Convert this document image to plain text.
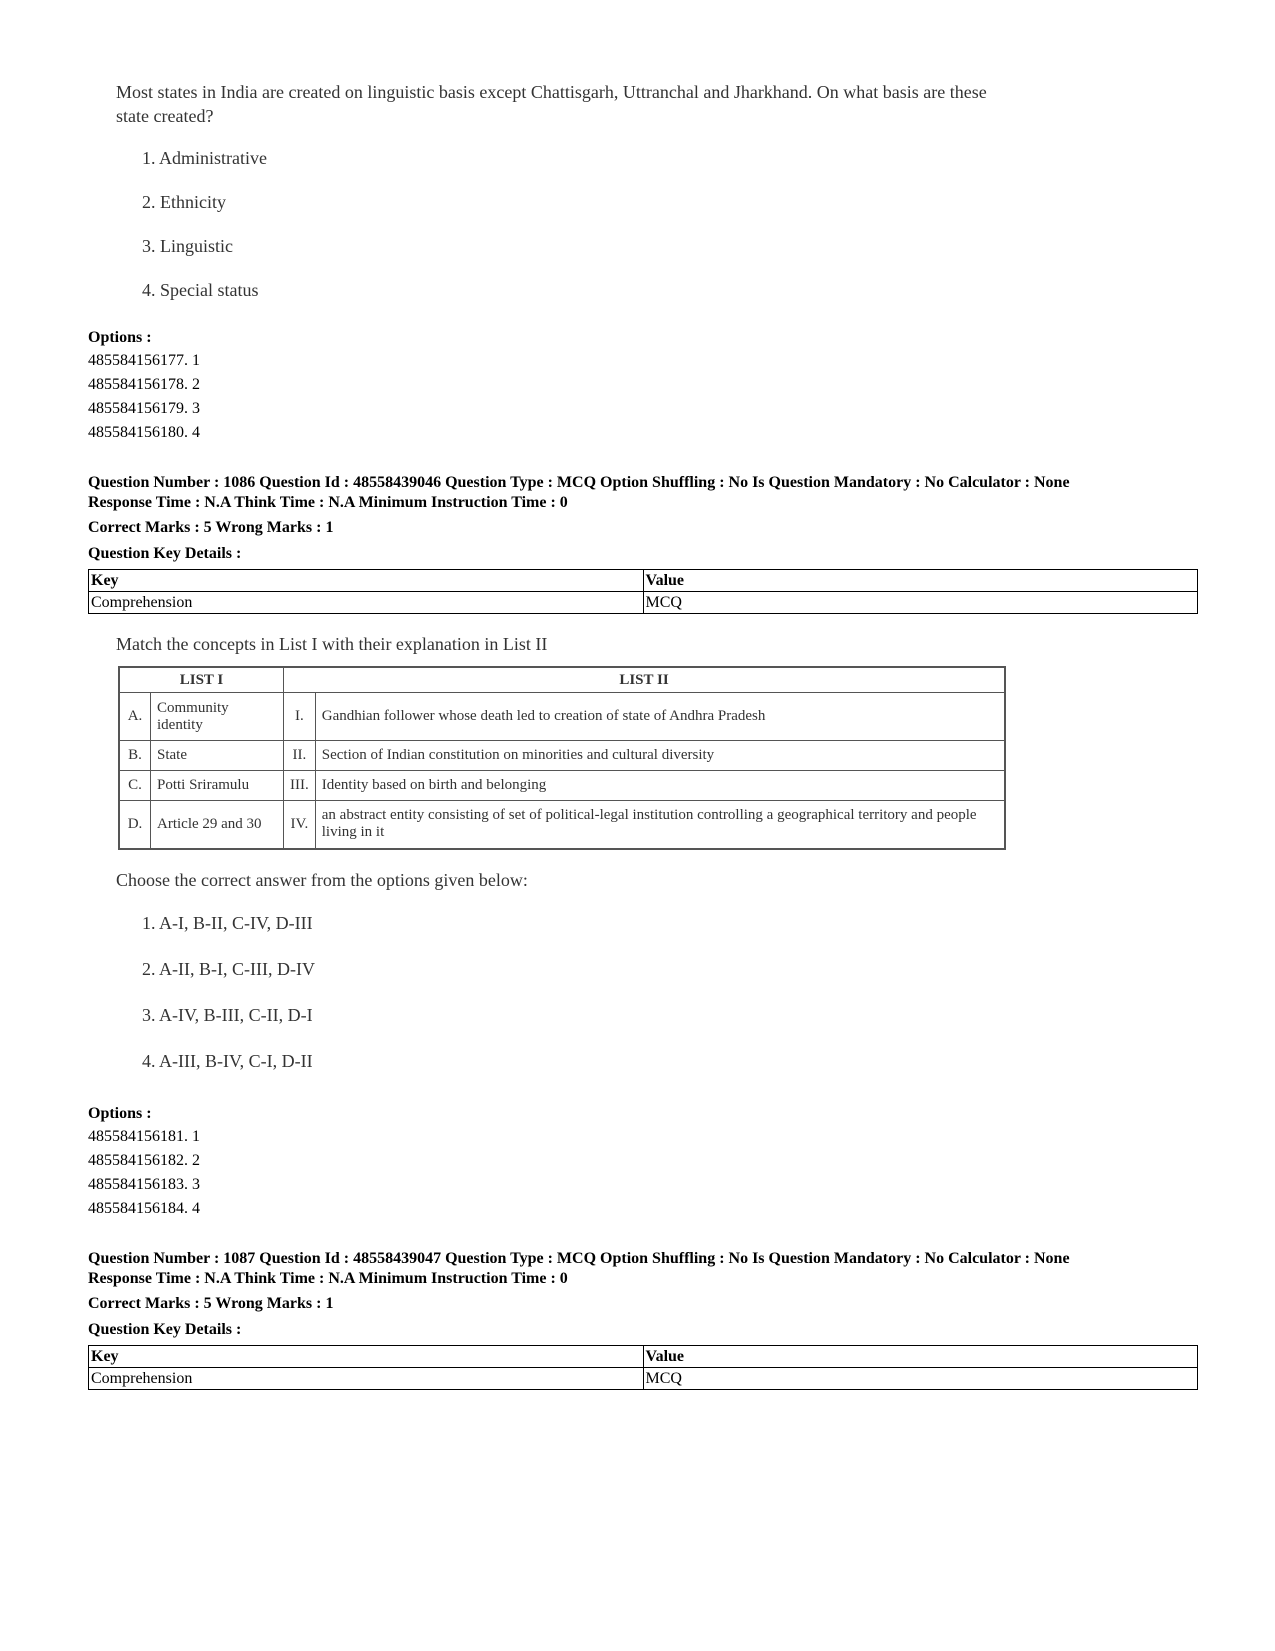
Most states in India are created on linguistic basis except Chattisgarh, Uttranchal and Jharkhand. On what basis are these state created?
1. Administrative
2. Ethnicity
3. Linguistic
4. Special status
Options :
485584156177. 1
485584156178. 2
485584156179. 3
485584156180. 4
Question Number : 1086 Question Id : 48558439046 Question Type : MCQ Option Shuffling : No Is Question Mandatory : No Calculator : None
Response Time : N.A Think Time : N.A Minimum Instruction Time : 0
Correct Marks : 5 Wrong Marks : 1
Question Key Details :
Key	Value
Comprehension	MCQ
Match the concepts in List I with their explanation in List II
LIST I		LIST II	
A.	Community identity	I.	Gandhian follower whose death led to creation of state of Andhra Pradesh
B.	State	II.	Section of Indian constitution on minorities and cultural diversity
C.	Potti Sriramulu	III.	Identity based on birth and belonging
D.	Article 29 and 30	IV.	an abstract entity consisting of set of political-legal institution controlling a geographical territory and people living in it
Choose the correct answer from the options given below:
1. A-I, B-II, C-IV, D-III
2. A-II, B-I, C-III, D-IV
3. A-IV, B-III, C-II, D-I
4. A-III, B-IV, C-I, D-II
Options :
485584156181. 1
485584156182. 2
485584156183. 3
485584156184. 4
Question Number : 1087 Question Id : 48558439047 Question Type : MCQ Option Shuffling : No Is Question Mandatory : No Calculator : None
Response Time : N.A Think Time : N.A Minimum Instruction Time : 0
Correct Marks : 5 Wrong Marks : 1
Question Key Details :
Key	Value
Comprehension	MCQ
